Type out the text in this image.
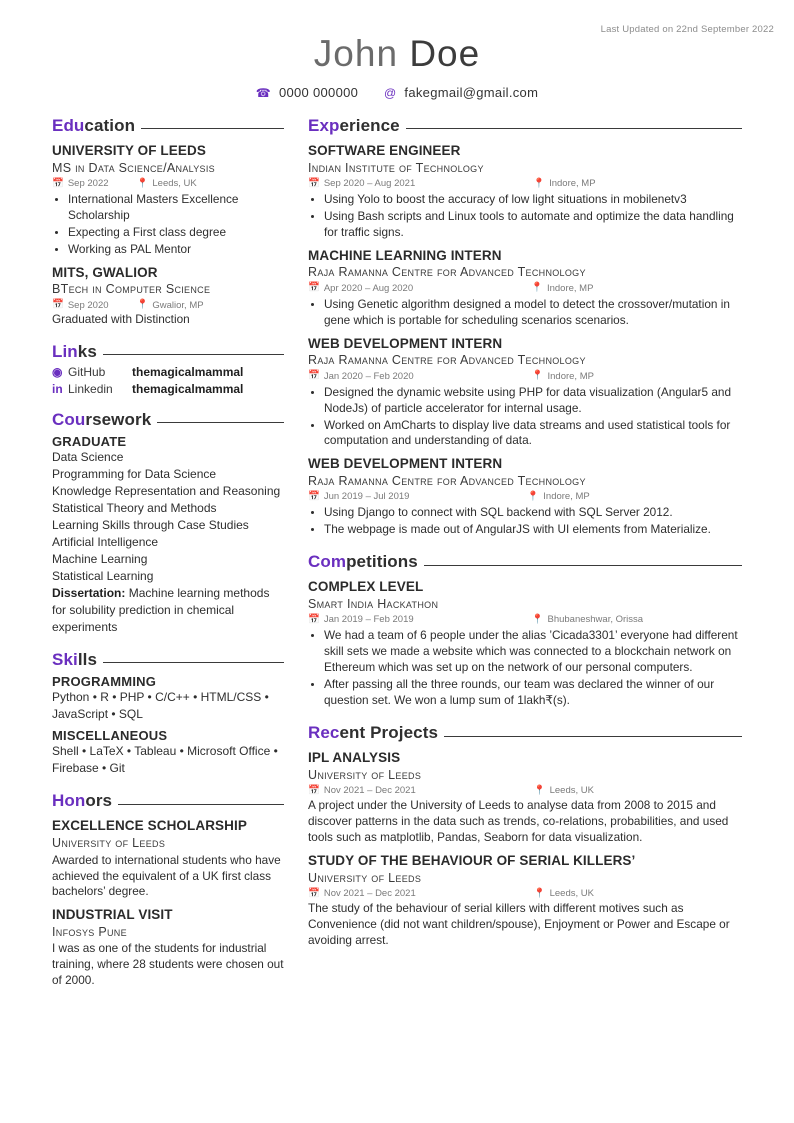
Last Updated on 22nd September 2022
John Doe
☎ 0000 000000 @ fakegmail@gmail.com
Education
UNIVERSITY OF LEEDS
MS in Data Science/Analysis
📅 Sep 2022	📍 Leeds, UK
• International Masters Excellence Scholarship
• Expecting a First class degree
• Working as PAL Mentor
MITS, GWALIOR
BTech in Computer Science
📅 Sep 2020	📍 Gwalior, MP
Graduated with Distinction
Links
◉ GitHub	themagicalmammal
in Linkedin	themagicalmammal
Coursework
GRADUATE
Data Science
Programming for Data Science
Knowledge Representation and Reasoning
Statistical Theory and Methods
Learning Skills through Case Studies
Artificial Intelligence
Machine Learning
Statistical Learning
Dissertation: Machine learning methods for solubility prediction in chemical experiments
Skills
PROGRAMMING
Python • R • PHP • C/C++ • HTML/CSS • JavaScript • SQL
MISCELLANEOUS
Shell • LaTeX • Tableau • Microsoft Office • Firebase • Git
Honors
EXCELLENCE SCHOLARSHIP
University of Leeds
Awarded to international students who have achieved the equivalent of a UK first class bachelors’ degree.
INDUSTRIAL VISIT
Infosys Pune
I was as one of the students for industrial training, where 28 students were chosen out of 2000.
Experience
SOFTWARE ENGINEER
Indian Institute of Technology
📅 Sep 2020 – Aug 2021	📍 Indore, MP
• Using Yolo to boost the accuracy of low light situations in mobilenetv3
• Using Bash scripts and Linux tools to automate and optimize the data handling for traffic signs.
MACHINE LEARNING INTERN
Raja Ramanna Centre for Advanced Technology
📅 Apr 2020 – Aug 2020	📍 Indore, MP
• Using Genetic algorithm designed a model to detect the crossover/mutation in gene which is portable for scheduling scenarios scenarios.
WEB DEVELOPMENT INTERN
Raja Ramanna Centre for Advanced Technology
📅 Jan 2020 – Feb 2020	📍 Indore, MP
• Designed the dynamic website using PHP for data visualization (Angular5 and NodeJs) of particle accelerator for internal usage.
• Worked on AmCharts to display live data streams and used statistical tools for computation and understanding of data.
WEB DEVELOPMENT INTERN
Raja Ramanna Centre for Advanced Technology
📅 Jun 2019 – Jul 2019	📍 Indore, MP
• Using Django to connect with SQL backend with SQL Server 2012.
• The webpage is made out of AngularJS with UI elements from Materialize.
Competitions
COMPLEX LEVEL
Smart India Hackathon
📅 Jan 2019 – Feb 2019	📍 Bhubaneshwar, Orissa
• We had a team of 6 people under the alias ’Cicada3301’ everyone had different skill sets we made a website which was connected to a blockchain network on Ethereum which was set up on the network of our personal computers.
• After passing all the three rounds, our team was declared the winner of our question set. We won a lump sum of 1lakh₹(s).
Recent Projects
IPL ANALYSIS
University of Leeds
📅 Nov 2021 – Dec 2021	📍 Leeds, UK
A project under the University of Leeds to analyse data from 2008 to 2015 and discover patterns in the data such as trends, co-relations, probabilities, and used tools such as matplotlib, Pandas, Seaborn for data visualization.
STUDY OF THE BEHAVIOUR OF SERIAL KILLERS’
University of Leeds
📅 Nov 2021 – Dec 2021	📍 Leeds, UK
The study of the behaviour of serial killers with different motives such as Convenience (did not want children/spouse), Enjoyment or Power and Escape or avoiding arrest.
